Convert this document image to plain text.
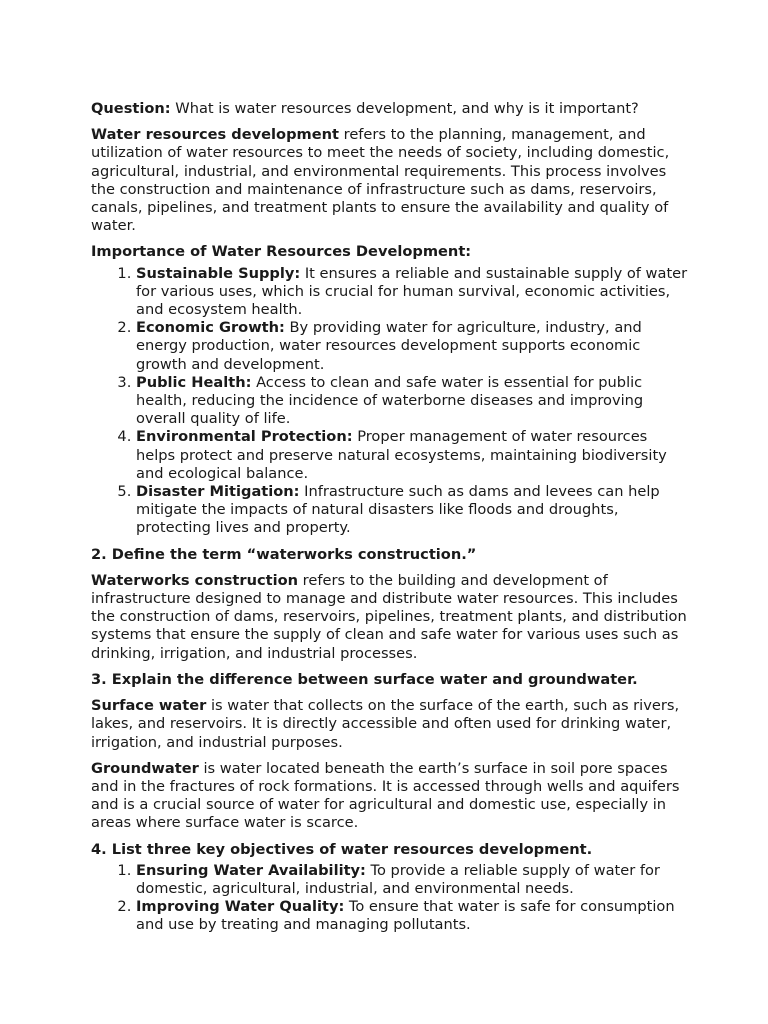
Question: What is water resources development, and why is it important?

Water resources development refers to the planning, management, and utilization of water resources to meet the needs of society, including domestic, agricultural, industrial, and environmental requirements. This process involves the construction and maintenance of infrastructure such as dams, reservoirs, canals, pipelines, and treatment plants to ensure the availability and quality of water.

Importance of Water Resources Development:
1. Sustainable Supply: It ensures a reliable and sustainable supply of water for various uses, which is crucial for human survival, economic activities, and ecosystem health.
2. Economic Growth: By providing water for agriculture, industry, and energy production, water resources development supports economic growth and development.
3. Public Health: Access to clean and safe water is essential for public health, reducing the incidence of waterborne diseases and improving overall quality of life.
4. Environmental Protection: Proper management of water resources helps protect and preserve natural ecosystems, maintaining biodiversity and ecological balance.
5. Disaster Mitigation: Infrastructure such as dams and levees can help mitigate the impacts of natural disasters like floods and droughts, protecting lives and property.
2. Define the term “waterworks construction.”

Waterworks construction refers to the building and development of infrastructure designed to manage and distribute water resources. This includes the construction of dams, reservoirs, pipelines, treatment plants, and distribution systems that ensure the supply of clean and safe water for various uses such as drinking, irrigation, and industrial processes.

3. Explain the difference between surface water and groundwater.

Surface water is water that collects on the surface of the earth, such as rivers, lakes, and reservoirs. It is directly accessible and often used for drinking water, irrigation, and industrial purposes.

Groundwater is water located beneath the earth’s surface in soil pore spaces and in the fractures of rock formations. It is accessed through wells and aquifers and is a crucial source of water for agricultural and domestic use, especially in areas where surface water is scarce.

4. List three key objectives of water resources development.
1. Ensuring Water Availability: To provide a reliable supply of water for domestic, agricultural, industrial, and environmental needs.
2. Improving Water Quality: To ensure that water is safe for consumption and use by treating and managing pollutants.
